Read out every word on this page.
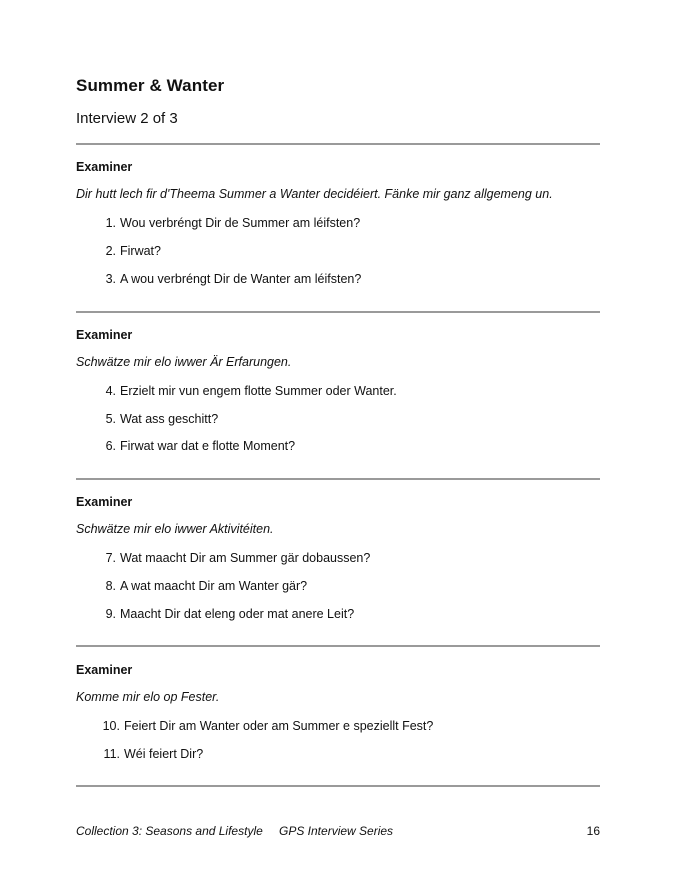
Summer & Wanter
Interview 2 of 3
Examiner
Dir hutt lech fir d'Theema Summer a Wanter decidéiert. Fänke mir ganz allgemeng un.
1. Wou verbréngt Dir de Summer am léifsten?
2. Firwat?
3. A wou verbréngt Dir de Wanter am léifsten?
Examiner
Schwätze mir elo iwwer Är Erfarungen.
4. Erzielt mir vun engem flotte Summer oder Wanter.
5. Wat ass geschitt?
6. Firwat war dat e flotte Moment?
Examiner
Schwätze mir elo iwwer Aktivitéiten.
7. Wat maacht Dir am Summer gär dobaussen?
8. A wat maacht Dir am Wanter gär?
9. Maacht Dir dat eleng oder mat anere Leit?
Examiner
Komme mir elo op Fester.
10. Feiert Dir am Wanter oder am Summer e speziellt Fest?
11. Wéi feiert Dir?
Collection 3: Seasons and Lifestyle GPS Interview Series	16
